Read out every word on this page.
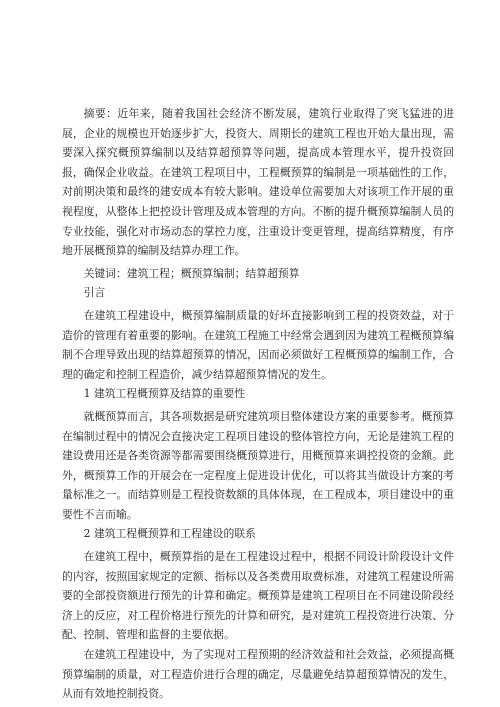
摘要：近年来，随着我国社会经济不断发展，建筑行业取得了突飞猛进的进展，企业的规模也开始逐步扩大，投资大、周期长的建筑工程也开始大量出现，需要深入探究概预算编制以及结算超预算等问题，提高成本管理水平，提升投资回报，确保企业收益。在建筑工程项目中，工程概预算的编制是一项基础性的工作，对前期决策和最终的建安成本有较大影响。建设单位需要加大对该项工作开展的重视程度，从整体上把控设计管理及成本管理的方向。不断的提升概预算编制人员的专业技能，强化对市场动态的掌控力度，注重设计变更管理，提高结算精度，有序地开展概预算的编制及结算办理工作。

关键词：建筑工程；概预算编制；结算超预算

引言

在建筑工程建设中，概预算编制质量的好坏直接影响到工程的投资效益，对于造价的管理有着重要的影响。在建筑工程施工中经常会遇到因为建筑工程概预算编制不合理导致出现的结算超预算的情况，因而必须做好工程概预算的编制工作，合理的确定和控制工程造价，减少结算超预算情况的发生。

1 建筑工程概预算及结算的重要性

就概预算而言，其各项数据是研究建筑项目整体建设方案的重要参考。概预算在编制过程中的情况会直接决定工程项目建设的整体管控方向，无论是建筑工程的建设费用还是各类资源等都需要围绕概预算进行，用概预算来调控投资的金额。此外，概预算工作的开展会在一定程度上促进设计优化，可以将其当做设计方案的考量标准之一。而结算则是工程投资数额的具体体现，在工程成本，项目建设中的重要性不言而喻。

2 建筑工程概预算和工程建设的联系

在建筑工程中，概预算指的是在工程建设过程中，根据不同设计阶段设计文件的内容，按照国家规定的定额、指标以及各类费用取费标准，对建筑工程建设所需要的全部投资额进行预先的计算和确定。概预算是建筑工程项目在不同建设阶段经济上的反应，对工程价格进行预先的计算和研究，是对建筑工程投资进行决策、分配、控制、管理和监督的主要依据。

在建筑工程建设中，为了实现对工程预期的经济效益和社会效益，必须提高概预算编制的质量，对工程造价进行合理的确定，尽量避免结算超预算情况的发生，从而有效地控制投资。
